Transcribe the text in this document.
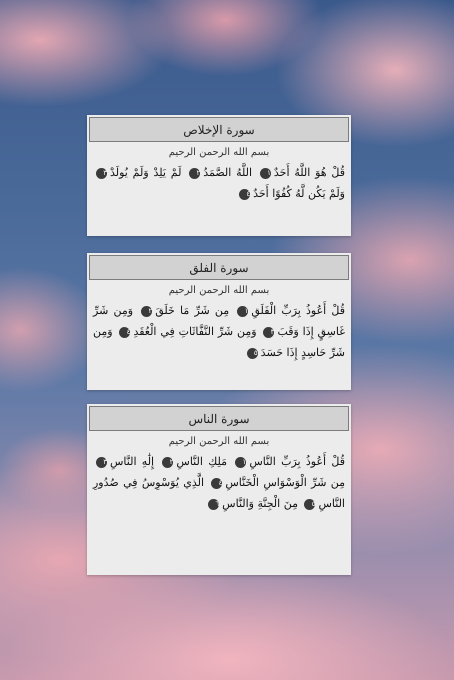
سورة الإخلاص
بسم الله الرحمن الرحيم
قُلْ هُوَ اللَّهُ أَحَدٌ١ اللَّهُ الصَّمَدُ٢ لَمْ يَلِدْ وَلَمْ يُولَدْ٣ وَلَمْ يَكُن لَّهُ كُفُوًا أَحَدٌ٤
سورة الفلق
بسم الله الرحمن الرحيم
قُلْ أَعُوذُ بِرَبِّ الْفَلَقِ١ مِن شَرِّ مَا خَلَقَ٢ وَمِن شَرِّ غَاسِقٍ إِذَا وَقَبَ٣ وَمِن شَرِّ النَّفَّاثَاتِ فِي الْعُقَدِ٤ وَمِن شَرِّ حَاسِدٍ إِذَا حَسَدَ٥
سورة الناس
بسم الله الرحمن الرحيم
قُلْ أَعُوذُ بِرَبِّ النَّاسِ١ مَلِكِ النَّاسِ٢ إِلَٰهِ النَّاسِ٣ مِن شَرِّ الْوَسْوَاسِ الْخَنَّاسِ٤ الَّذِي يُوَسْوِسُ فِي صُدُورِ النَّاسِ٥ مِنَ الْجِنَّةِ وَالنَّاسِ٦
